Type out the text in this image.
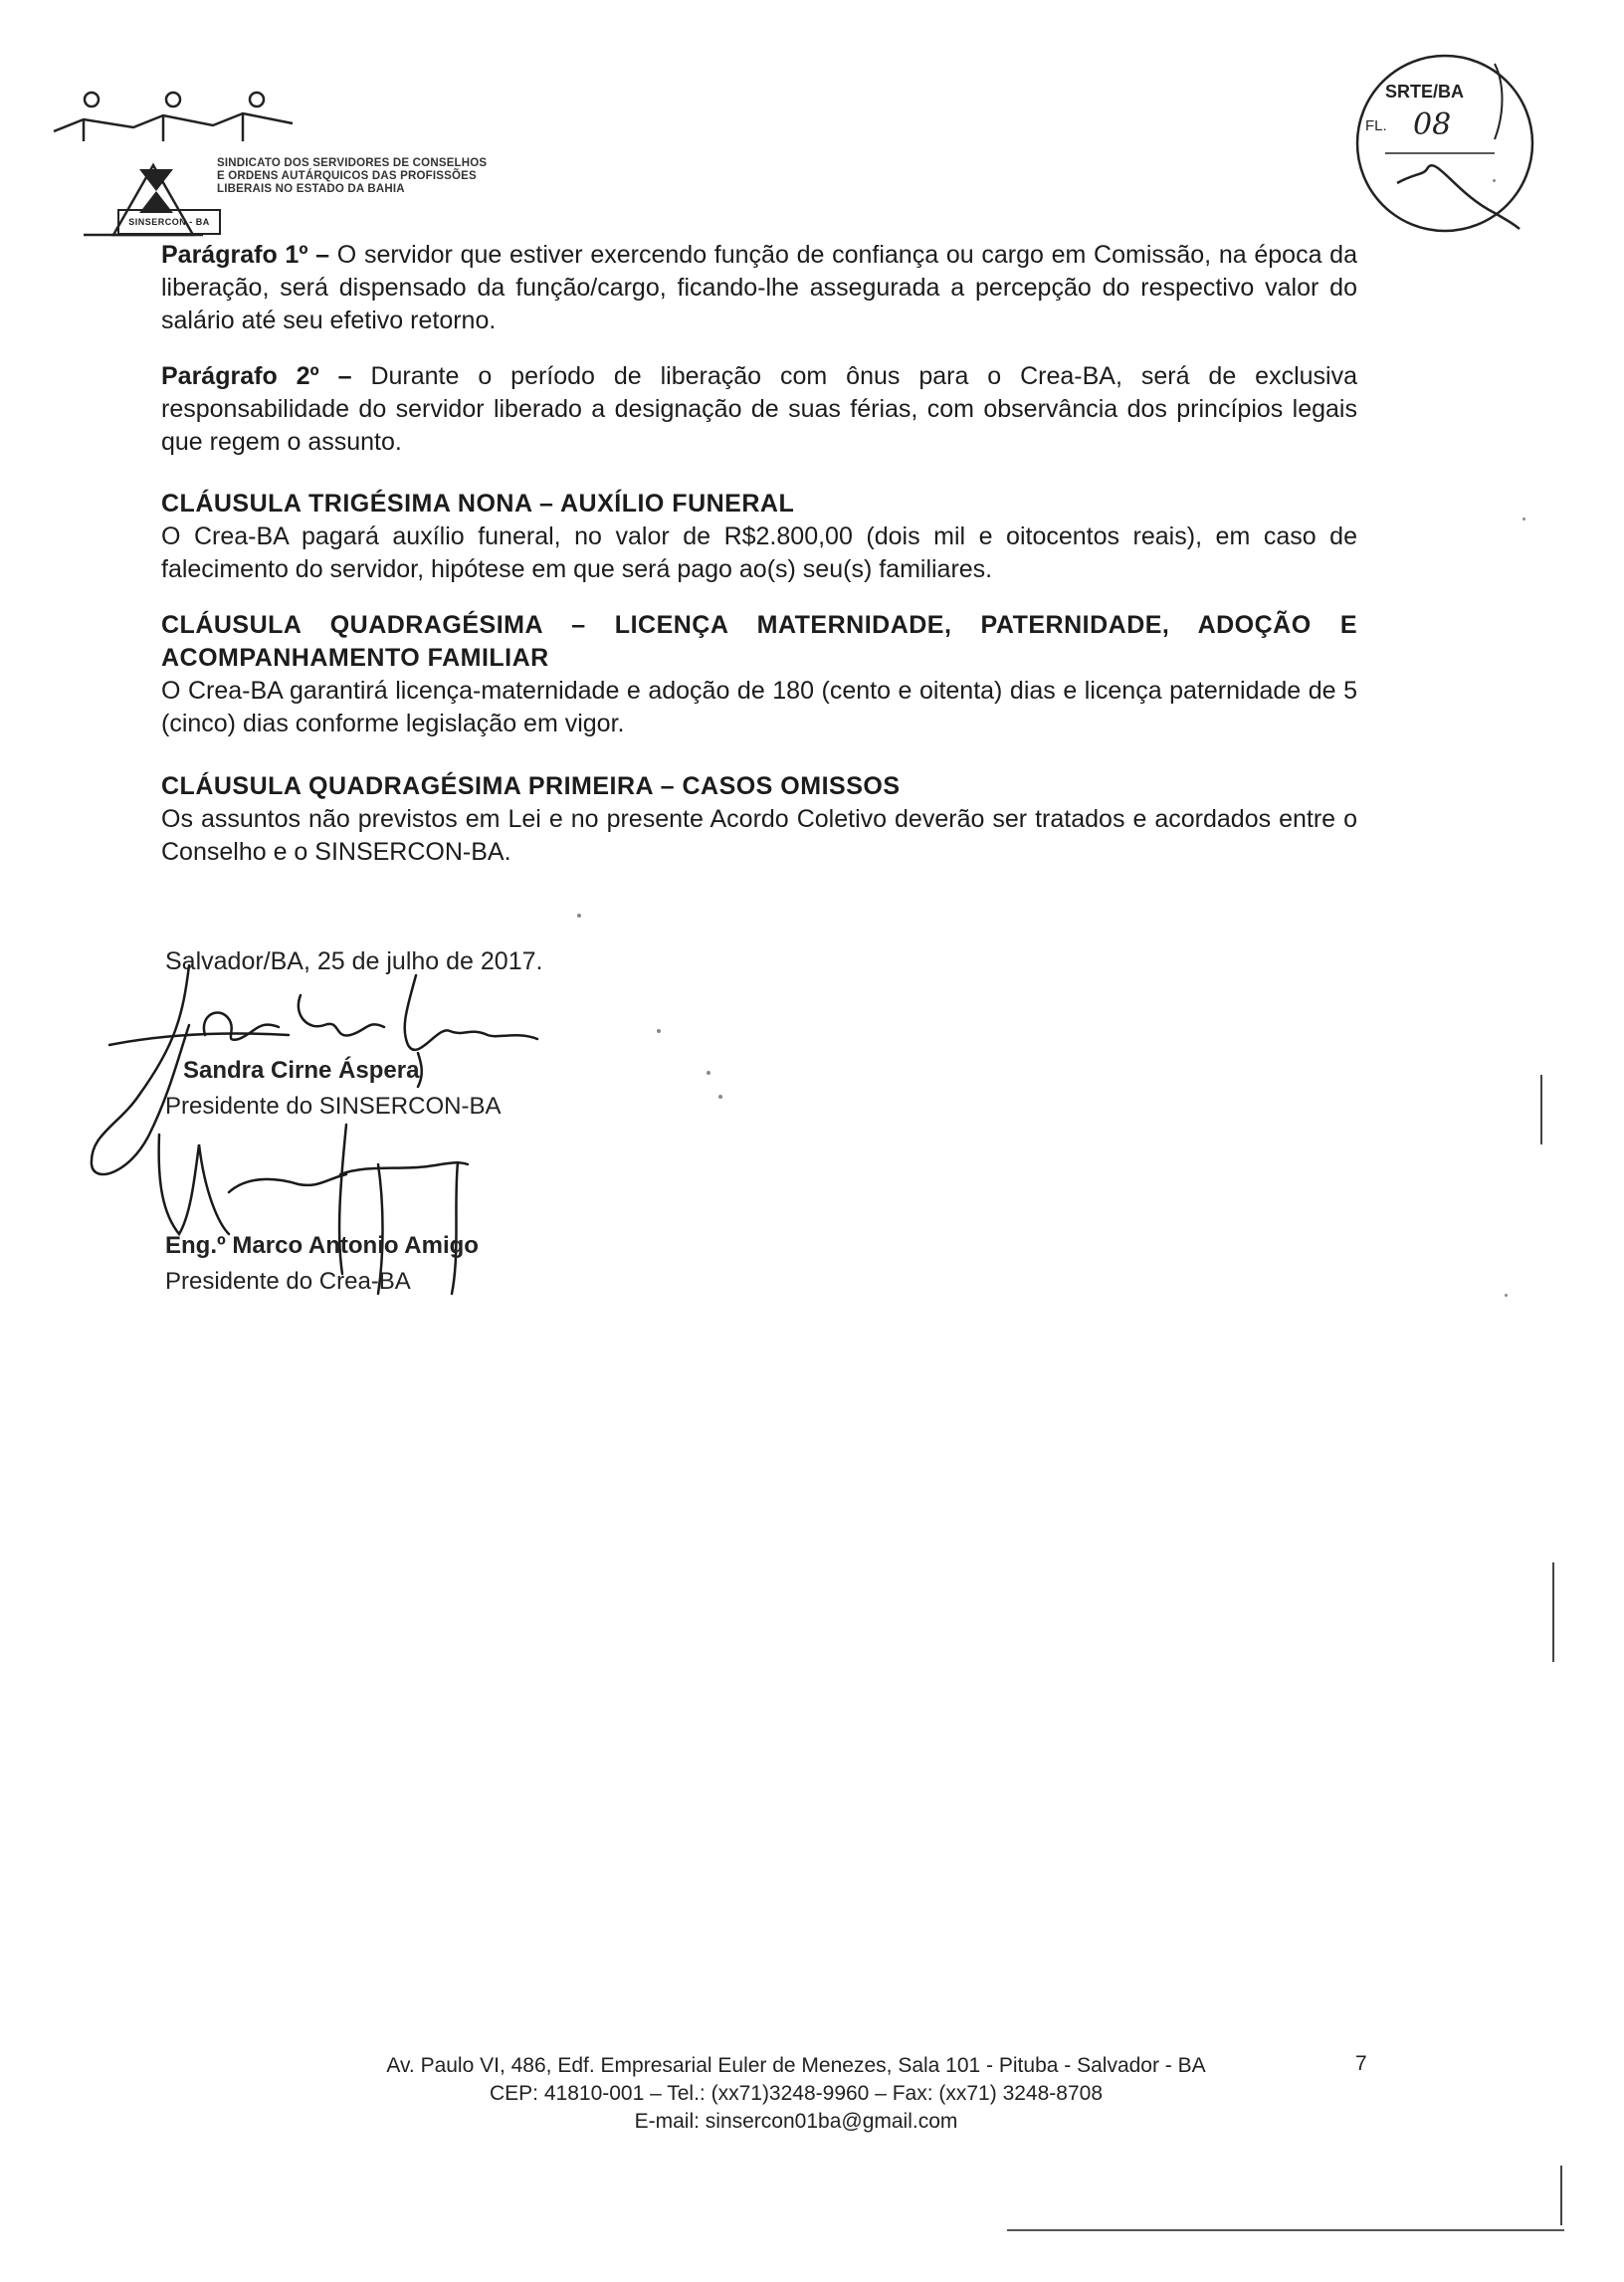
SINDICATO DOS SERVIDORES DE CONSELHOS
E ORDENS AUTÁRQUICOS DAS PROFISSÕES
LIBERAIS NO ESTADO DA BAHIA
SINSERCON - BA
SRTE/BA
FL. 08
Parágrafo 1º – O servidor que estiver exercendo função de confiança ou cargo em Comissão, na época da liberação, será dispensado da função/cargo, ficando-lhe assegurada a percepção do respectivo valor do salário até seu efetivo retorno.
Parágrafo 2º – Durante o período de liberação com ônus para o Crea-BA, será de exclusiva responsabilidade do servidor liberado a designação de suas férias, com observância dos princípios legais que regem o assunto.
CLÁUSULA TRIGÉSIMA NONA – AUXÍLIO FUNERAL
O Crea-BA pagará auxílio funeral, no valor de R$2.800,00 (dois mil e oitocentos reais), em caso de falecimento do servidor, hipótese em que será pago ao(s) seu(s) familiares.
CLÁUSULA QUADRAGÉSIMA – LICENÇA MATERNIDADE, PATERNIDADE, ADOÇÃO E ACOMPANHAMENTO FAMILIAR
O Crea-BA garantirá licença-maternidade e adoção de 180 (cento e oitenta) dias e licença paternidade de 5 (cinco) dias conforme legislação em vigor.
CLÁUSULA QUADRAGÉSIMA PRIMEIRA – CASOS OMISSOS
Os assuntos não previstos em Lei e no presente Acordo Coletivo deverão ser tratados e acordados entre o Conselho e o SINSERCON-BA.
Salvador/BA, 25 de julho de 2017.
Sandra Cirne Áspera
Presidente do SINSERCON-BA
Eng.º Marco Antonio Amigo
Presidente do Crea-BA
Av. Paulo VI, 486, Edf. Empresarial Euler de Menezes, Sala 101 - Pituba - Salvador - BA
CEP: 41810-001 – Tel.: (xx71)3248-9960 – Fax: (xx71) 3248-8708
E-mail: sinsercon01ba@gmail.com
7
